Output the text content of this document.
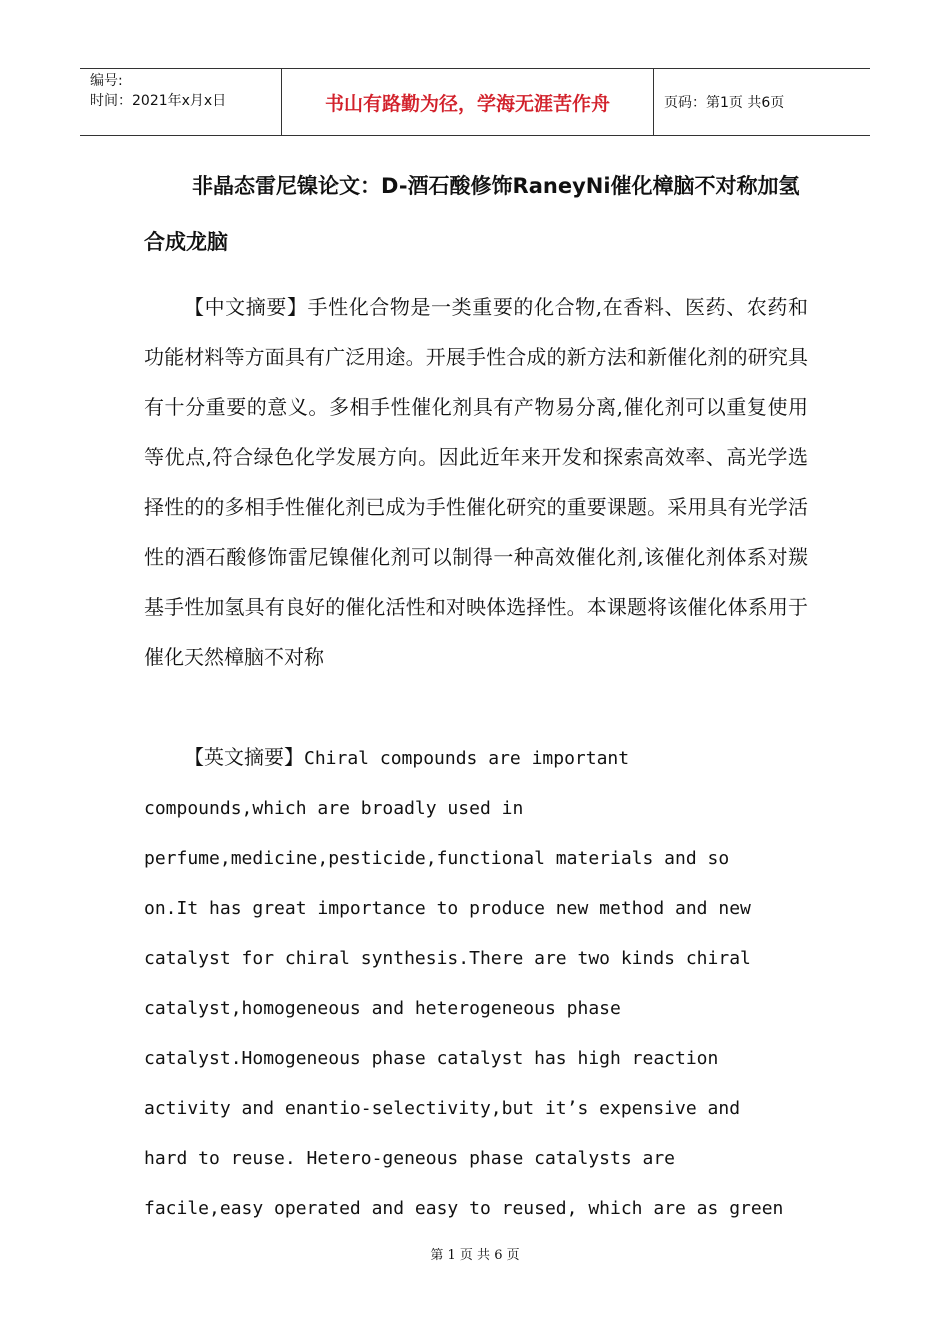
编号:
时间：2021年x月x日	书山有路勤为径，学海无涯苦作舟	页码：第1页 共6页
非晶态雷尼镍论文：D-酒石酸修饰RaneyNi催化樟脑不对称加氢合成龙脑

【中文摘要】手性化合物是一类重要的化合物,在香料、医药、农药和功能材料等方面具有广泛用途。开展手性合成的新方法和新催化剂的研究具有十分重要的意义。多相手性催化剂具有产物易分离,催化剂可以重复使用等优点,符合绿色化学发展方向。因此近年来开发和探索高效率、高光学选择性的的多相手性催化剂已成为手性催化研究的重要课题。采用具有光学活性的酒石酸修饰雷尼镍催化剂可以制得一种高效催化剂,该催化剂体系对羰基手性加氢具有良好的催化活性和对映体选择性。本课题将该催化体系用于催化天然樟脑不对称

【英文摘要】Chiral compounds are important
compounds,which are broadly used in
perfume,medicine,pesticide,functional materials and so
on.It has great importance to produce new method and new
catalyst for chiral synthesis.There are two kinds chiral
catalyst,homogeneous and heterogeneous phase
catalyst.Homogeneous phase catalyst has high reaction
activity and enantio-selectivity,but it’s expensive and
hard to reuse. Hetero-geneous phase catalysts are
facile,easy operated and easy to reused, which are as green
第 1 页 共 6 页
